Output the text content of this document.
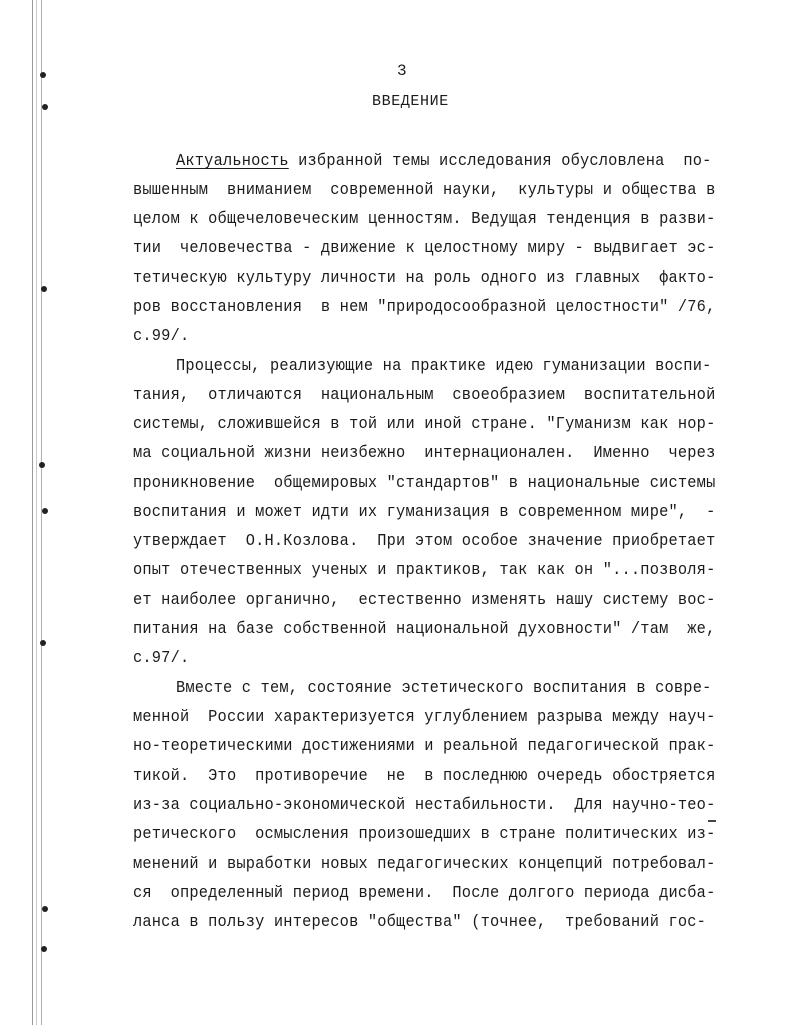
3
ВВЕДЕНИЕ
Актуальность избранной темы исследования обусловлена  по-
вышенным  вниманием  современной науки,  культуры и общества в
целом к общечеловеческим ценностям. Ведущая тенденция в разви-
тии  человечества - движение к целостному миру - выдвигает эс-
тетическую культуру личности на роль одного из главных  факто-
ров восстановления  в нем "природосообразной целостности" /76,
с.99/.
Процессы, реализующие на практике идею гуманизации воспи-
тания,  отличаются  национальным  своеобразием  воспитательной
системы, сложившейся в той или иной стране. "Гуманизм как нор-
ма социальной жизни неизбежно  интернационален.  Именно  через
проникновение  общемировых "стандартов" в национальные системы
воспитания и может идти их гуманизация в современном мире",  -
утверждает  О.Н.Козлова.  При этом особое значение приобретает
опыт отечественных ученых и практиков, так как он "...позволя-
ет наиболее органично,  естественно изменять нашу систему вос-
питания на базе собственной национальной духовности" /там  же,
с.97/.
Вместе с тем, состояние эстетического воспитания в совре-
менной  России характеризуется углублением разрыва между науч-
но-теоретическими достижениями и реальной педагогической прак-
тикой.  Это  противоречие  не  в последнюю очередь обостряется
из-за социально-экономической нестабильности.  Для научно-тео-
ретического  осмысления произошедших в стране политических из-
менений и выработки новых педагогических концепций потребовал-
ся  определенный период времени.  После долгого периода дисба-
ланса в пользу интересов "общества" (точнее,  требований гос-
